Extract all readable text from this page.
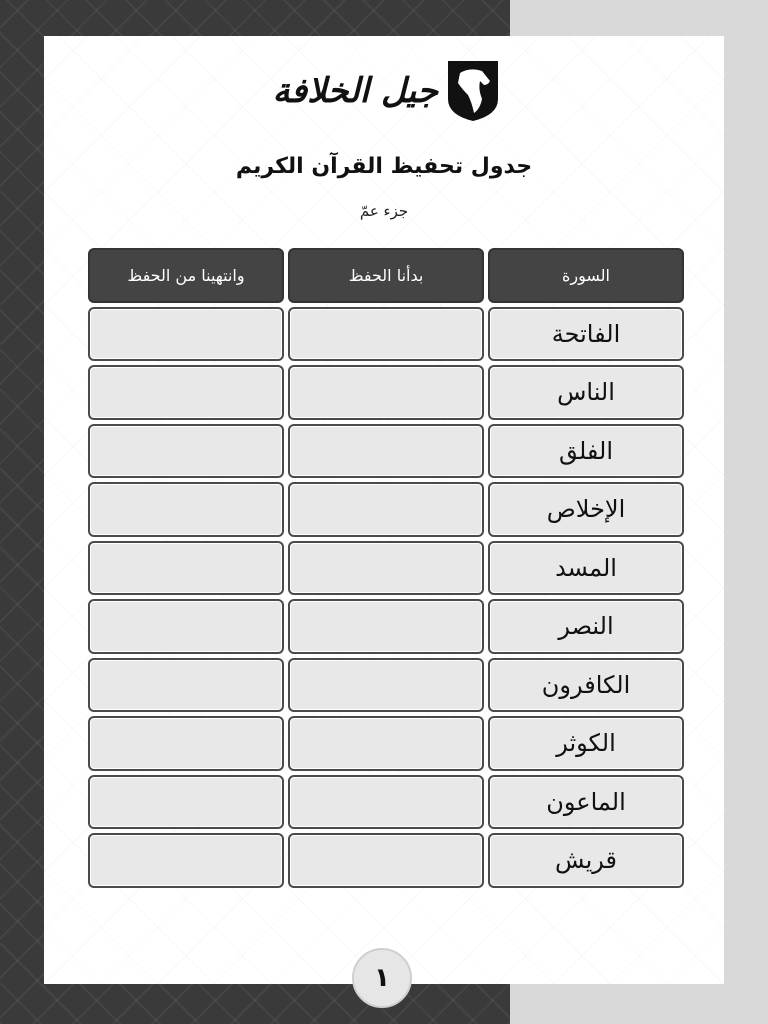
جيل الخلافة
جدول تحفيظ القرآن الكريم
جزء عمّ
وانتهينا من الحفظ	بدأنا الحفظ	السورة
الفاتحة
الناس
الفلق
الإخلاص
المسد
النصر
الكافرون
الكوثر
الماعون
قريش
١
